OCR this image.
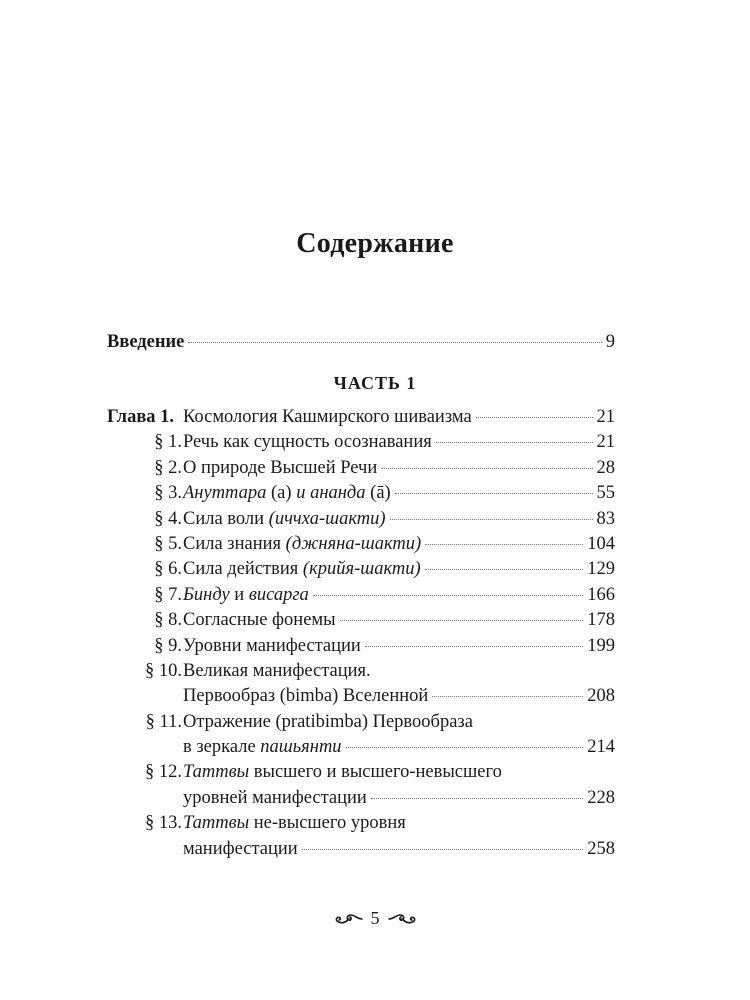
Содержание
Введение	9
ЧАСТЬ 1
Глава 1. Космология Кашмирского шиваизма	21
§ 1. Речь как сущность осознавания	21
§ 2. О природе Высшей Речи	28
§ 3. Ануттара (a) и ананда (ā)	55
§ 4. Сила воли (иччха-шакти)	83
§ 5. Сила знания (джняна-шакти)	104
§ 6. Сила действия (крийя-шакти)	129
§ 7. Бинду и висарга	166
§ 8. Согласные фонемы	178
§ 9. Уровни манифестации	199
§ 10. Великая манифестация.
Первообраз (bimba) Вселенной	208
§ 11. Отражение (pratibimba) Первообраза
в зеркале пашьянти	214
§ 12. Таттвы высшего и высшего-невысшего
уровней манифестации	228
§ 13. Таттвы не-высшего уровня
манифестации	258
5
